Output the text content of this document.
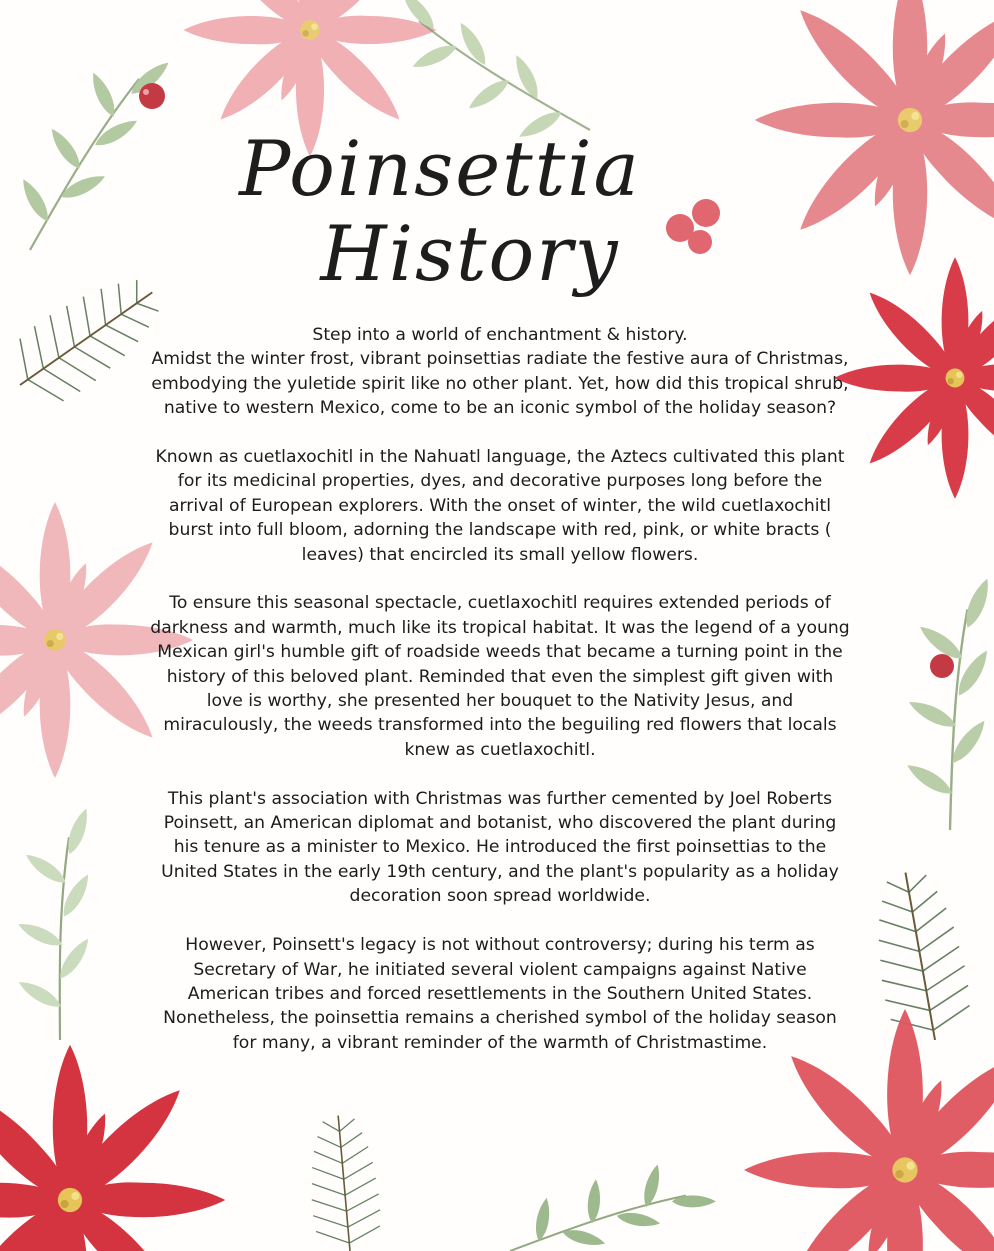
Poinsettia
History

Step into a world of enchantment & history.

Amidst the winter frost, vibrant poinsettias radiate the festive aura of Christmas, embodying the yuletide spirit like no other plant. Yet, how did this tropical shrub, native to western Mexico, come to be an iconic symbol of the holiday season?

Known as cuetlaxochitl in the Nahuatl language, the Aztecs cultivated this plant for its medicinal properties, dyes, and decorative purposes long before the arrival of European explorers. With the onset of winter, the wild cuetlaxochitl burst into full bloom, adorning the landscape with red, pink, or white bracts ( leaves) that encircled its small yellow flowers.

To ensure this seasonal spectacle, cuetlaxochitl requires extended periods of darkness and warmth, much like its tropical habitat. It was the legend of a young Mexican girl's humble gift of roadside weeds that became a turning point in the history of this beloved plant. Reminded that even the simplest gift given with love is worthy, she presented her bouquet to the Nativity Jesus, and miraculously, the weeds transformed into the beguiling red flowers that locals knew as cuetlaxochitl.

This plant's association with Christmas was further cemented by Joel Roberts Poinsett, an American diplomat and botanist, who discovered the plant during his tenure as a minister to Mexico. He introduced the first poinsettias to the United States in the early 19th century, and the plant's popularity as a holiday decoration soon spread worldwide.

However, Poinsett's legacy is not without controversy; during his term as Secretary of War, he initiated several violent campaigns against Native American tribes and forced resettlements in the Southern United States. Nonetheless, the poinsettia remains a cherished symbol of the holiday season for many, a vibrant reminder of the warmth of Christmastime.
